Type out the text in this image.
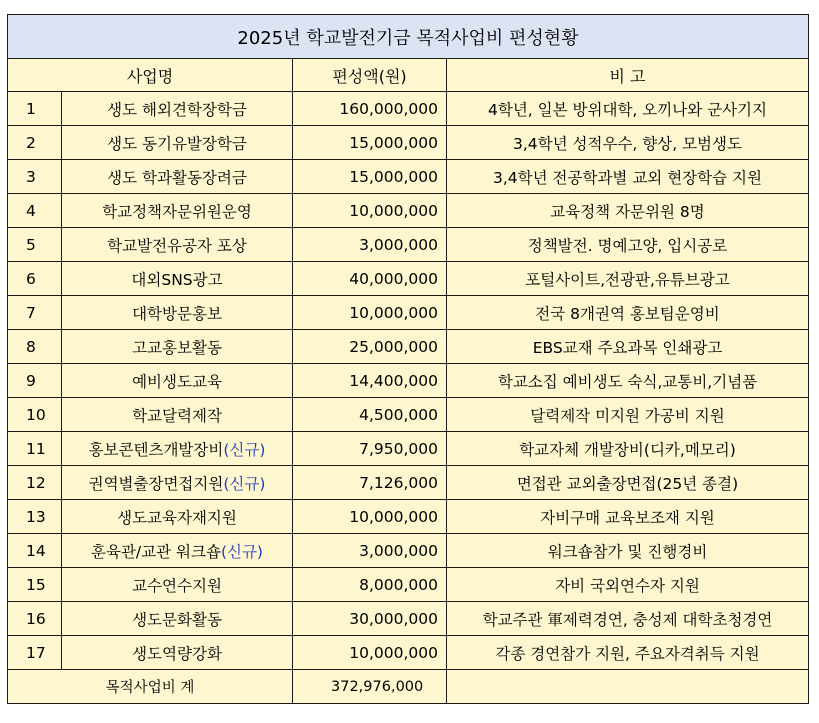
2025년 학교발전기금 목적사업비 편성현황			
사업명		편성액(원)	비 고
1	생도 해외견학장학금	160,000,000	4학년, 일본 방위대학, 오끼나와 군사기지
2	생도 동기유발장학금	15,000,000	3,4학년 성적우수, 향상, 모범생도
3	생도 학과활동장려금	15,000,000	3,4학년 전공학과별 교외 현장학습 지원
4	학교정책자문위원운영	10,000,000	교육정책 자문위원 8명
5	학교발전유공자 포상	3,000,000	정책발전. 명예고양, 입시공로
6	대외SNS광고	40,000,000	포털사이트,전광판,유튜브광고
7	대학방문홍보	10,000,000	전국 8개권역 홍보팀운영비
8	고교홍보활동	25,000,000	EBS교재 주요과목 인쇄광고
9	예비생도교육	14,400,000	학교소집 예비생도 숙식,교통비,기념품
10	학교달력제작	4,500,000	달력제작 미지원 가공비 지원
11	홍보콘텐츠개발장비(신규)	7,950,000	학교자체 개발장비(디카,메모리)
12	권역별출장면접지원(신규)	7,126,000	면접관 교외출장면접(25년 종결)
13	생도교육자재지원	10,000,000	자비구매 교육보조재 지원
14	훈육관/교관 워크숍(신규)	3,000,000	워크숍참가 및 진행경비
15	교수연수지원	8,000,000	자비 국외연수자 지원
16	생도문화활동	30,000,000	학교주관 軍제력경연, 충성제 대학초청경연
17	생도역량강화	10,000,000	각종 경연참가 지원, 주요자격취득 지원
목적사업비 계		372,976,000	
